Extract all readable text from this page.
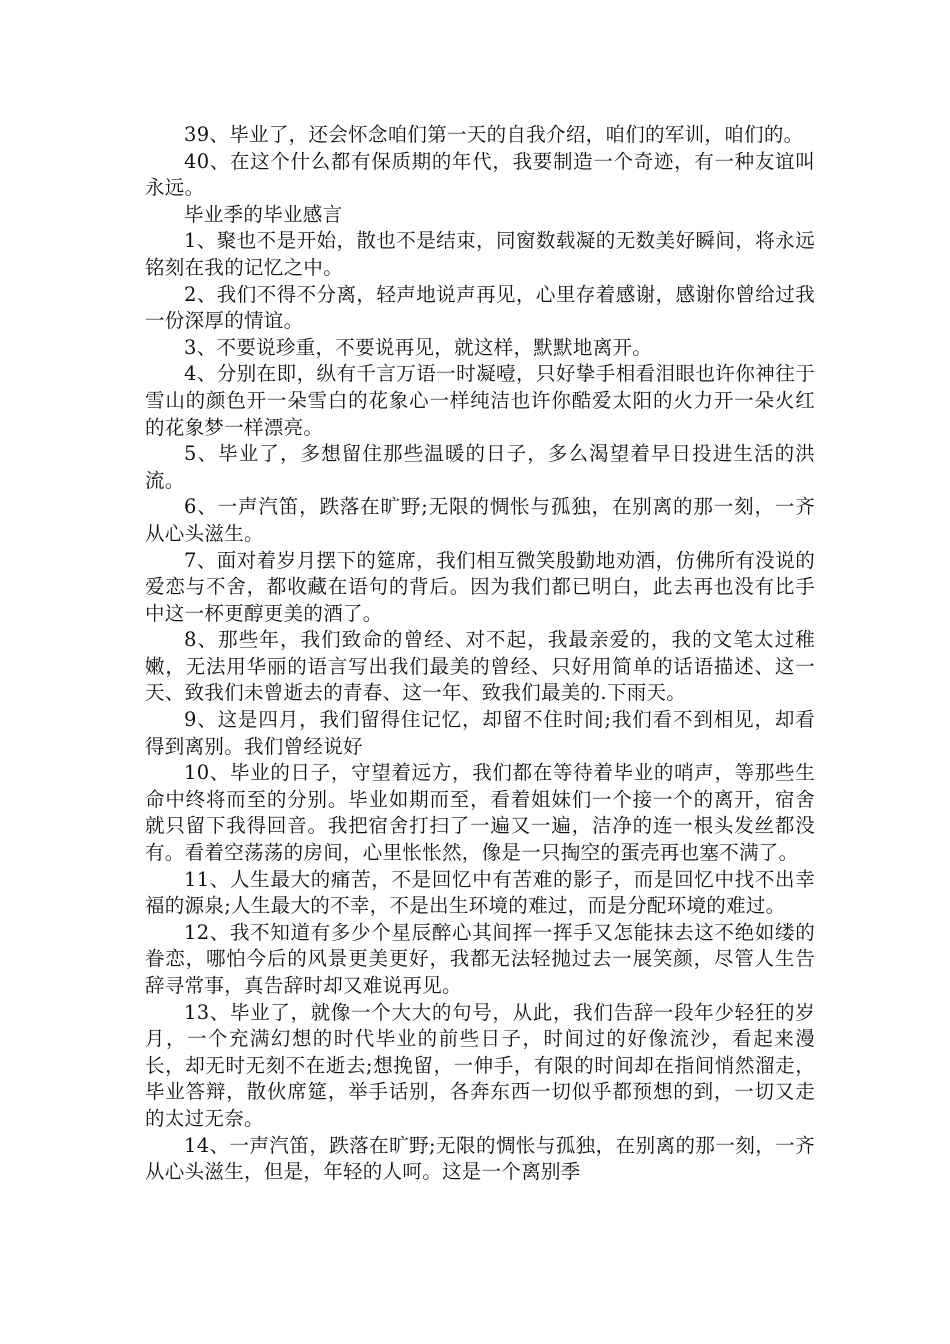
39、毕业了，还会怀念咱们第一天的自我介绍，咱们的军训，咱们的。

40、在这个什么都有保质期的年代，我要制造一个奇迹，有一种友谊叫永远。

毕业季的毕业感言

1、聚也不是开始，散也不是结束，同窗数载凝的无数美好瞬间，将永远铭刻在我的记忆之中。

2、我们不得不分离，轻声地说声再见，心里存着感谢，感谢你曾给过我一份深厚的情谊。

3、不要说珍重，不要说再见，就这样，默默地离开。

4、分别在即，纵有千言万语一时凝噎，只好挚手相看泪眼也许你神往于雪山的颜色开一朵雪白的花象心一样纯洁也许你酷爱太阳的火力开一朵火红的花象梦一样漂亮。

5、毕业了，多想留住那些温暖的日子，多么渴望着早日投进生活的洪流。

6、一声汽笛，跌落在旷野;无限的惆怅与孤独，在别离的那一刻，一齐从心头滋生。

7、面对着岁月摆下的筵席，我们相互微笑殷勤地劝酒，仿佛所有没说的爱恋与不舍，都收藏在语句的背后。因为我们都已明白，此去再也没有比手中这一杯更醇更美的酒了。

8、那些年，我们致命的曾经、对不起，我最亲爱的，我的文笔太过稚嫩，无法用华丽的语言写出我们最美的曾经、只好用简单的话语描述、这一天、致我们未曾逝去的青春、这一年、致我们最美的.下雨天。

9、这是四月，我们留得住记忆，却留不住时间;我们看不到相见，却看得到离别。我们曾经说好

10、毕业的日子，守望着远方，我们都在等待着毕业的哨声，等那些生命中终将而至的分别。毕业如期而至，看着姐妹们一个接一个的离开，宿舍就只留下我得回音。我把宿舍打扫了一遍又一遍，洁净的连一根头发丝都没有。看着空荡荡的房间，心里怅怅然，像是一只掏空的蛋壳再也塞不满了。

11、人生最大的痛苦，不是回忆中有苦难的影子，而是回忆中找不出幸福的源泉;人生最大的不幸，不是出生环境的难过，而是分配环境的难过。

12、我不知道有多少个星辰醉心其间挥一挥手又怎能抹去这不绝如缕的眷恋，哪怕今后的风景更美更好，我都无法轻抛过去一展笑颜，尽管人生告辞寻常事，真告辞时却又难说再见。

13、毕业了，就像一个大大的句号，从此，我们告辞一段年少轻狂的岁月，一个充满幻想的时代毕业的前些日子，时间过的好像流沙，看起来漫长，却无时无刻不在逝去;想挽留，一伸手，有限的时间却在指间悄然溜走，毕业答辩，散伙席筵，举手话别，各奔东西一切似乎都预想的到，一切又走的太过无奈。

14、一声汽笛，跌落在旷野;无限的惆怅与孤独，在别离的那一刻，一齐从心头滋生，但是，年轻的人呵。这是一个离别季
